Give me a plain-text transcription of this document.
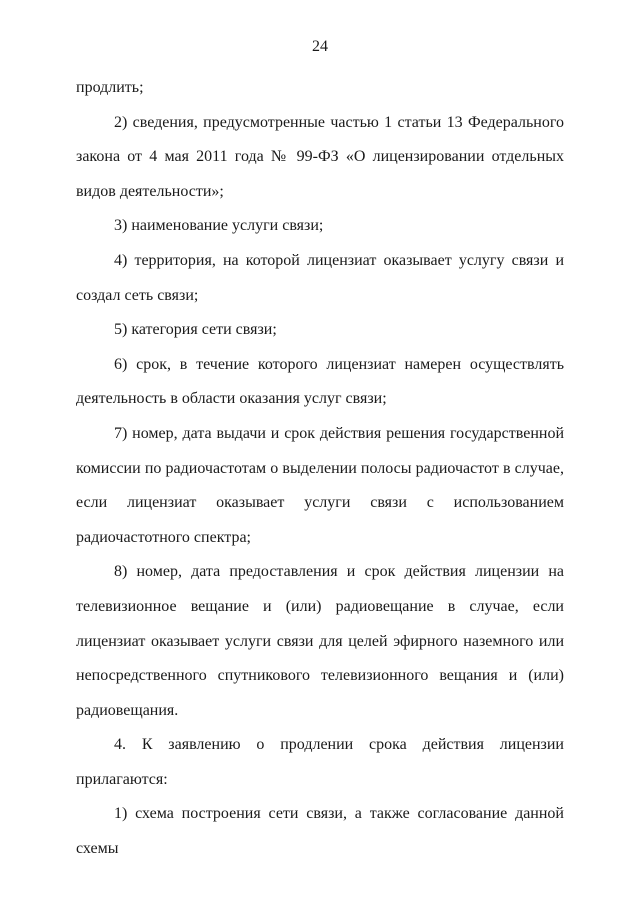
24

продлить;

2) сведения, предусмотренные частью 1 статьи 13 Федерального закона от 4 мая 2011 года № 99-ФЗ «О лицензировании отдельных видов деятельности»;

3) наименование услуги связи;

4) территория, на которой лицензиат оказывает услугу связи и создал сеть связи;

5) категория сети связи;

6) срок, в течение которого лицензиат намерен осуществлять деятельность в области оказания услуг связи;

7) номер, дата выдачи и срок действия решения государственной комиссии по радиочастотам о выделении полосы радиочастот в случае, если лицензиат оказывает услуги связи с использованием радиочастотного спектра;

8) номер, дата предоставления и срок действия лицензии на телевизионное вещание и (или) радиовещание в случае, если лицензиат оказывает услуги связи для целей эфирного наземного или непосредственного спутникового телевизионного вещания и (или) радиовещания.

4. К заявлению о продлении срока действия лицензии прилагаются:

1) схема построения сети связи, а также согласование данной схемы
